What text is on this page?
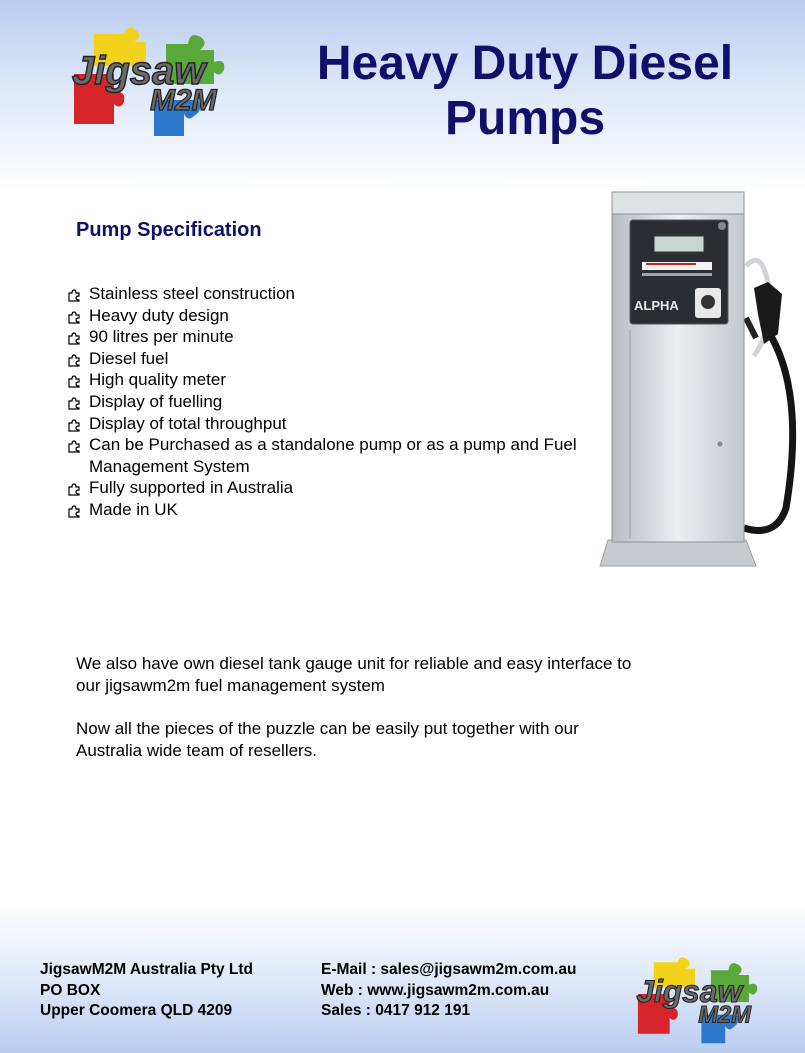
Jigsaw
M2M
Heavy Duty Diesel
Pumps
Pump Specification
Stainless steel construction
Heavy duty design
90 litres per minute
Diesel fuel
High quality meter
Display of fuelling
Display of total throughput
Can be Purchased as a standalone pump or as a pump and Fuel Management System
Fully supported in Australia
Made in UK
ALPHA

We also have own diesel tank gauge unit for reliable and easy interface to our jigsawm2m fuel management system

Now all the pieces of the puzzle can be easily put together with our Australia wide team of resellers.

JigsawM2M Australia Pty Ltd
PO BOX
Upper Coomera QLD 4209
E-Mail : sales@jigsawm2m.com.au
Web : www.jigsawm2m.com.au
Sales : 0417 912 191
Jigsaw
M2M
